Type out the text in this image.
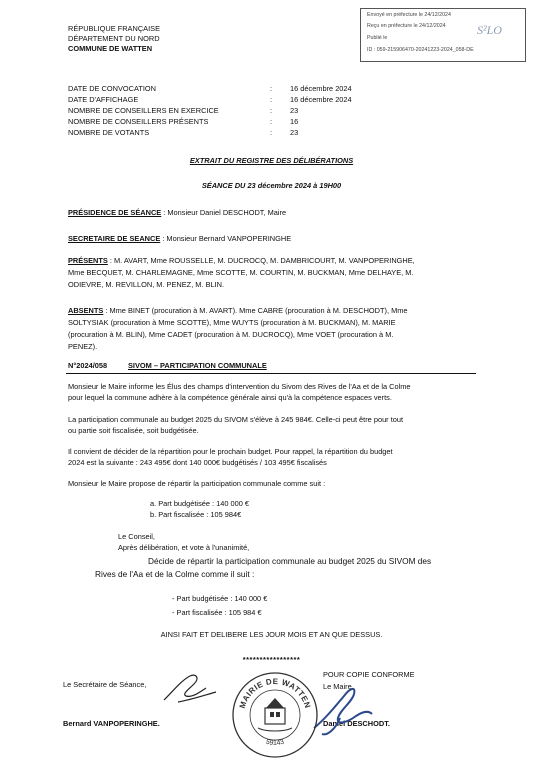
RÉPUBLIQUE FRANÇAISE
DÉPARTEMENT DU NORD
COMMUNE DE WATTEN
Envoyé en préfecture le 24/12/2024
Reçu en préfecture le 24/12/2024
Publié le
ID : 059-215906470-20241223-2024_058-DE
S²LO
DATE DE CONVOCATION	: 16 décembre 2024
DATE D'AFFICHAGE	: 16 décembre 2024
NOMBRE DE CONSEILLERS EN EXERCICE	: 23
NOMBRE DE CONSEILLERS PRÉSENTS	: 16
NOMBRE DE VOTANTS	: 23
EXTRAIT DU REGISTRE DES DÉLIBÉRATIONS
SÉANCE DU 23 décembre 2024 à 19H00
PRÉSIDENCE DE SÉANCE : Monsieur Daniel DESCHODT, Maire
SECRETAIRE DE SEANCE : Monsieur Bernard VANPOPERINGHE
PRÉSENTS : M. AVART, Mme ROUSSELLE, M. DUCROCQ, M. DAMBRICOURT, M. VANPOPERINGHE,
Mme BECQUET, M. CHARLEMAGNE, Mme SCOTTE, M. COURTIN, M. BUCKMAN, Mme DELHAYE, M.
ODIEVRE, M. REVILLON, M. PENEZ, M. BLIN.
ABSENTS : Mme BINET (procuration à M. AVART). Mme CABRE (procuration à M. DESCHODT), Mme
SOLTYSIAK (procuration à Mme SCOTTE), Mme WUYTS (procuration à M. BUCKMAN), M. MARIE
(procuration à M. BLIN), Mme CADET (procuration à M. DUCROCQ), Mme VOET (procuration à M.
PENEZ).
N°2024/058	SIVOM – PARTICIPATION COMMUNALE
Monsieur le Maire informe les Élus des champs d'intervention du Sivom des Rives de l'Aa et de la Colme
pour lequel la commune adhère à la compétence générale ainsi qu'à la compétence espaces verts.
La participation communale au budget 2025 du SIVOM s'élève à 245 984€. Celle-ci peut être pour tout
ou partie soit fiscalisée, soit budgétisée.
Il convient de décider de la répartition pour le prochain budget. Pour rappel, la répartition du budget
2024 est la suivante : 243 495€ dont 140 000€ budgétisés / 103 495€ fiscalisés
Monsieur le Maire propose de répartir la participation communale comme suit :
a. Part budgétisée : 140 000 €
b. Part fiscalisée : 105 984€
Le Conseil,
Après délibération, et vote à l'unanimité,
Décide de répartir la participation communale au budget 2025 du SIVOM des
Rives de l'Aa et de la Colme comme il suit :
- Part budgétisée : 140 000 €
- Part fiscalisée : 105 984 €
AINSI FAIT ET DELIBERE LES JOUR MOIS ET AN QUE DESSUS.
*****************
Le Secrétaire de Séance,
Bernard VANPOPERINGHE.
POUR COPIE CONFORME
Le Maire,
Daniel DESCHODT.
MAIRIE DE WATTEN
59143
